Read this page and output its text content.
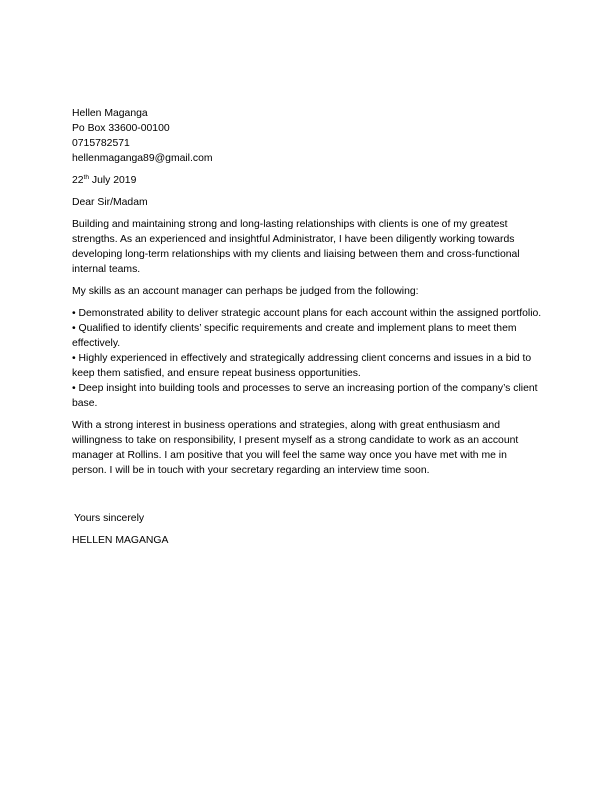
Hellen Maganga
Po Box 33600-00100
0715782571
hellenmaganga89@gmail.com
22th July 2019
Dear Sir/Madam
Building and maintaining strong and long-lasting relationships with clients is one of my greatest strengths. As an experienced and insightful Administrator, I have been diligently working towards developing long-term relationships with my clients and liaising between them and cross-functional internal teams.
My skills as an account manager can perhaps be judged from the following:
• Demonstrated ability to deliver strategic account plans for each account within the assigned portfolio.
• Qualified to identify clients’ specific requirements and create and implement plans to meet them effectively.
• Highly experienced in effectively and strategically addressing client concerns and issues in a bid to keep them satisfied, and ensure repeat business opportunities.
• Deep insight into building tools and processes to serve an increasing portion of the company’s client base.
With a strong interest in business operations and strategies, along with great enthusiasm and willingness to take on responsibility, I present myself as a strong candidate to work as an account manager at Rollins. I am positive that you will feel the same way once you have met with me in person. I will be in touch with your secretary regarding an interview time soon.
Yours sincerely
HELLEN MAGANGA
